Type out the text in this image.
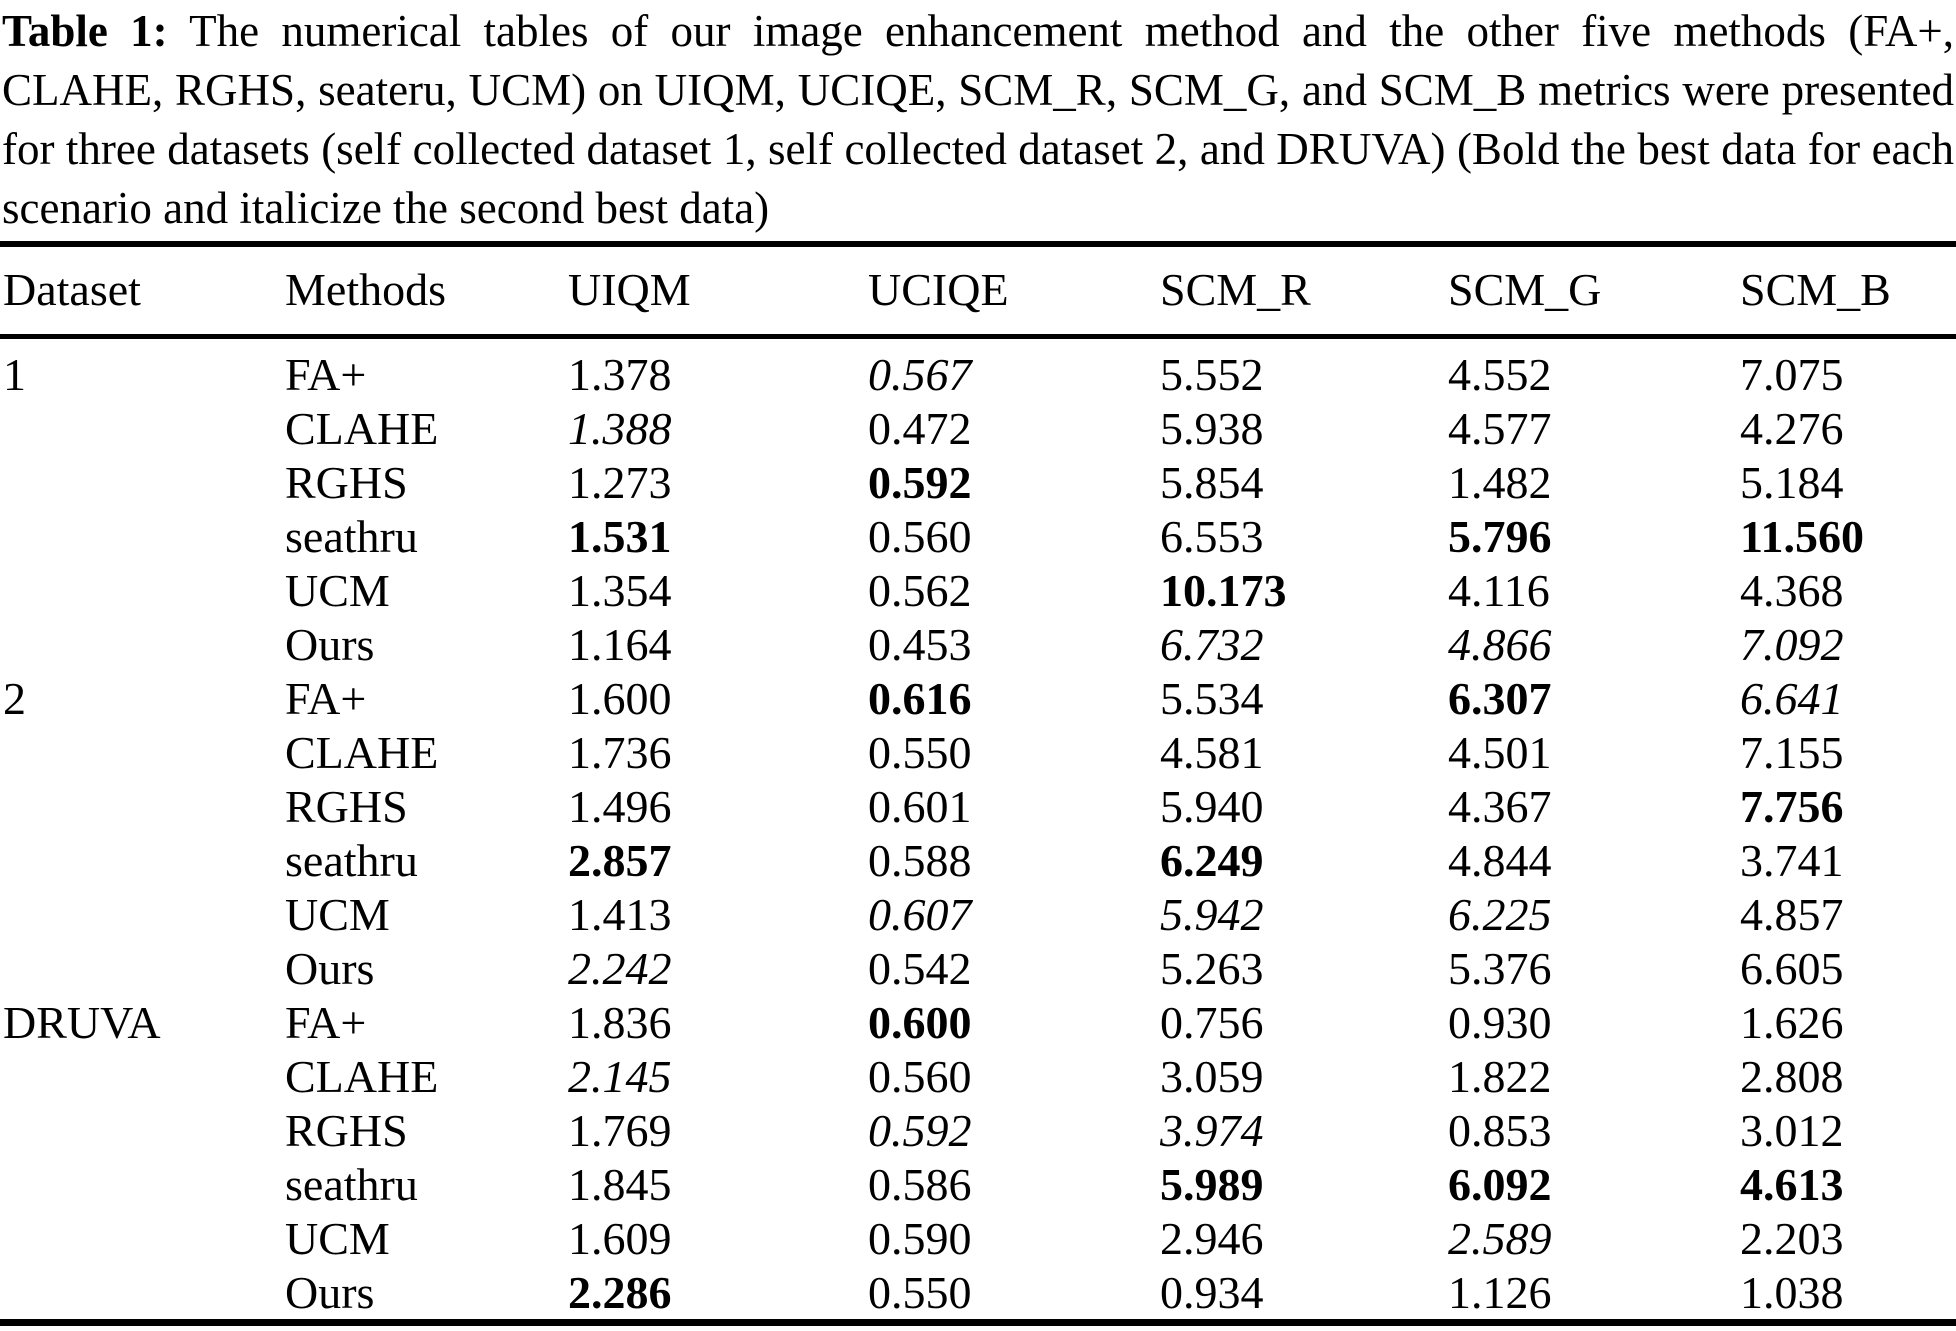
Table 1: The numerical tables of our image enhancement method and the other five methods (FA+, CLAHE, RGHS, seateru, UCM) on UIQM, UCIQE, SCM_R, SCM_G, and SCM_B metrics were presented for three datasets (self collected dataset 1, self collected dataset 2, and DRUVA) (Bold the best data for each scenario and italicize the second best data)

Dataset	Methods	UIQM	UCIQE	SCM_R	SCM_G	SCM_B
1	FA+	1.378	0.567	5.552	4.552	7.075
	CLAHE	1.388	0.472	5.938	4.577	4.276
	RGHS	1.273	0.592	5.854	1.482	5.184
	seathru	1.531	0.560	6.553	5.796	11.560
	UCM	1.354	0.562	10.173	4.116	4.368
	Ours	1.164	0.453	6.732	4.866	7.092
2	FA+	1.600	0.616	5.534	6.307	6.641
	CLAHE	1.736	0.550	4.581	4.501	7.155
	RGHS	1.496	0.601	5.940	4.367	7.756
	seathru	2.857	0.588	6.249	4.844	3.741
	UCM	1.413	0.607	5.942	6.225	4.857
	Ours	2.242	0.542	5.263	5.376	6.605
DRUVA	FA+	1.836	0.600	0.756	0.930	1.626
	CLAHE	2.145	0.560	3.059	1.822	2.808
	RGHS	1.769	0.592	3.974	0.853	3.012
	seathru	1.845	0.586	5.989	6.092	4.613
	UCM	1.609	0.590	2.946	2.589	2.203
	Ours	2.286	0.550	0.934	1.126	1.038
